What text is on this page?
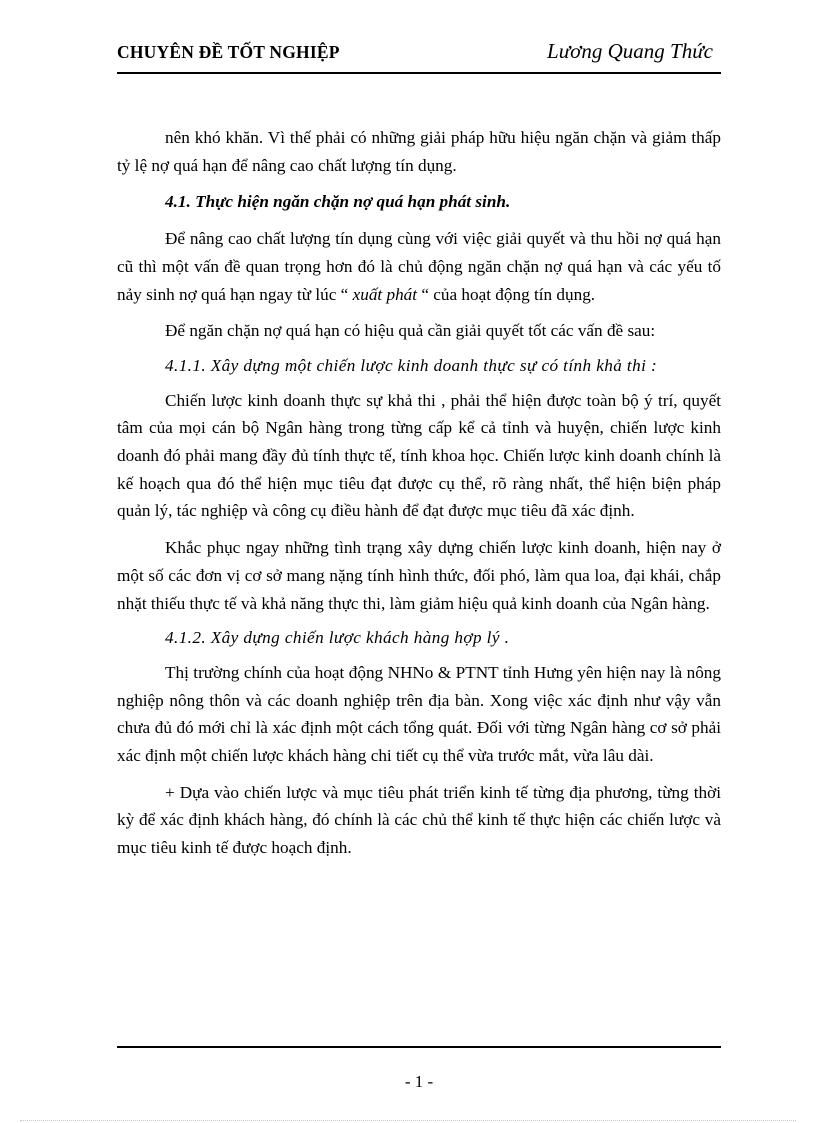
CHUYÊN ĐỀ TỐT NGHIỆP	Lương Quang Thức

nên khó khăn. Vì thế phải có những giải pháp hữu hiệu ngăn chặn và giảm thấp tỷ lệ nợ quá hạn để nâng cao chất lượng tín dụng.

4.1. Thực hiện ngăn chặn nợ quá hạn phát sinh.

Để nâng cao chất lượng tín dụng cùng với việc giải quyết và thu hồi nợ quá hạn cũ thì một vấn đề quan trọng hơn đó là chủ động ngăn chặn nợ quá hạn và các yếu tố nảy sinh nợ quá hạn ngay từ lúc “ xuất phát “ của hoạt động tín dụng.

Để ngăn chặn nợ quá hạn có hiệu quả cần giải quyết tốt các vấn đề sau:

4.1.1. Xây dựng một chiến lược kinh doanh thực sự có tính khả thi :

Chiến lược kinh doanh thực sự khả thi , phải thể hiện được toàn bộ ý trí, quyết tâm của mọi cán bộ Ngân hàng trong từng cấp kể cả tỉnh và huyện, chiến lược kinh doanh đó phải mang đầy đủ tính thực tế, tính khoa học. Chiến lược kinh doanh chính là kế hoạch qua đó thể hiện mục tiêu đạt được cụ thể, rõ ràng nhất, thể hiện biện pháp quản lý, tác nghiệp và công cụ điều hành để đạt được mục tiêu đã xác định.

Khắc phục ngay những tình trạng xây dựng chiến lược kinh doanh, hiện nay ở một số các đơn vị cơ sở mang nặng tính hình thức, đối phó, làm qua loa, đại khái, chắp nhặt thiếu thực tế và khả năng thực thi, làm giảm hiệu quả kinh doanh của Ngân hàng.

4.1.2. Xây dựng chiến lược khách hàng hợp lý .

Thị trường chính của hoạt động NHNo & PTNT tỉnh Hưng yên hiện nay là nông nghiệp nông thôn và các doanh nghiệp trên địa bàn. Xong việc xác định như vậy vẫn chưa đủ đó mới chỉ là xác định một cách tổng quát. Đối với từng Ngân hàng cơ sở phải xác định một chiến lược khách hàng chi tiết cụ thể vừa trước mắt, vừa lâu dài.

+ Dựa vào chiến lược và mục tiêu phát triển kinh tế từng địa phương, từng thời kỳ để xác định khách hàng, đó chính là các chủ thể kinh tế thực hiện các chiến lược và mục tiêu kinh tế được hoạch định.

- 1 -
